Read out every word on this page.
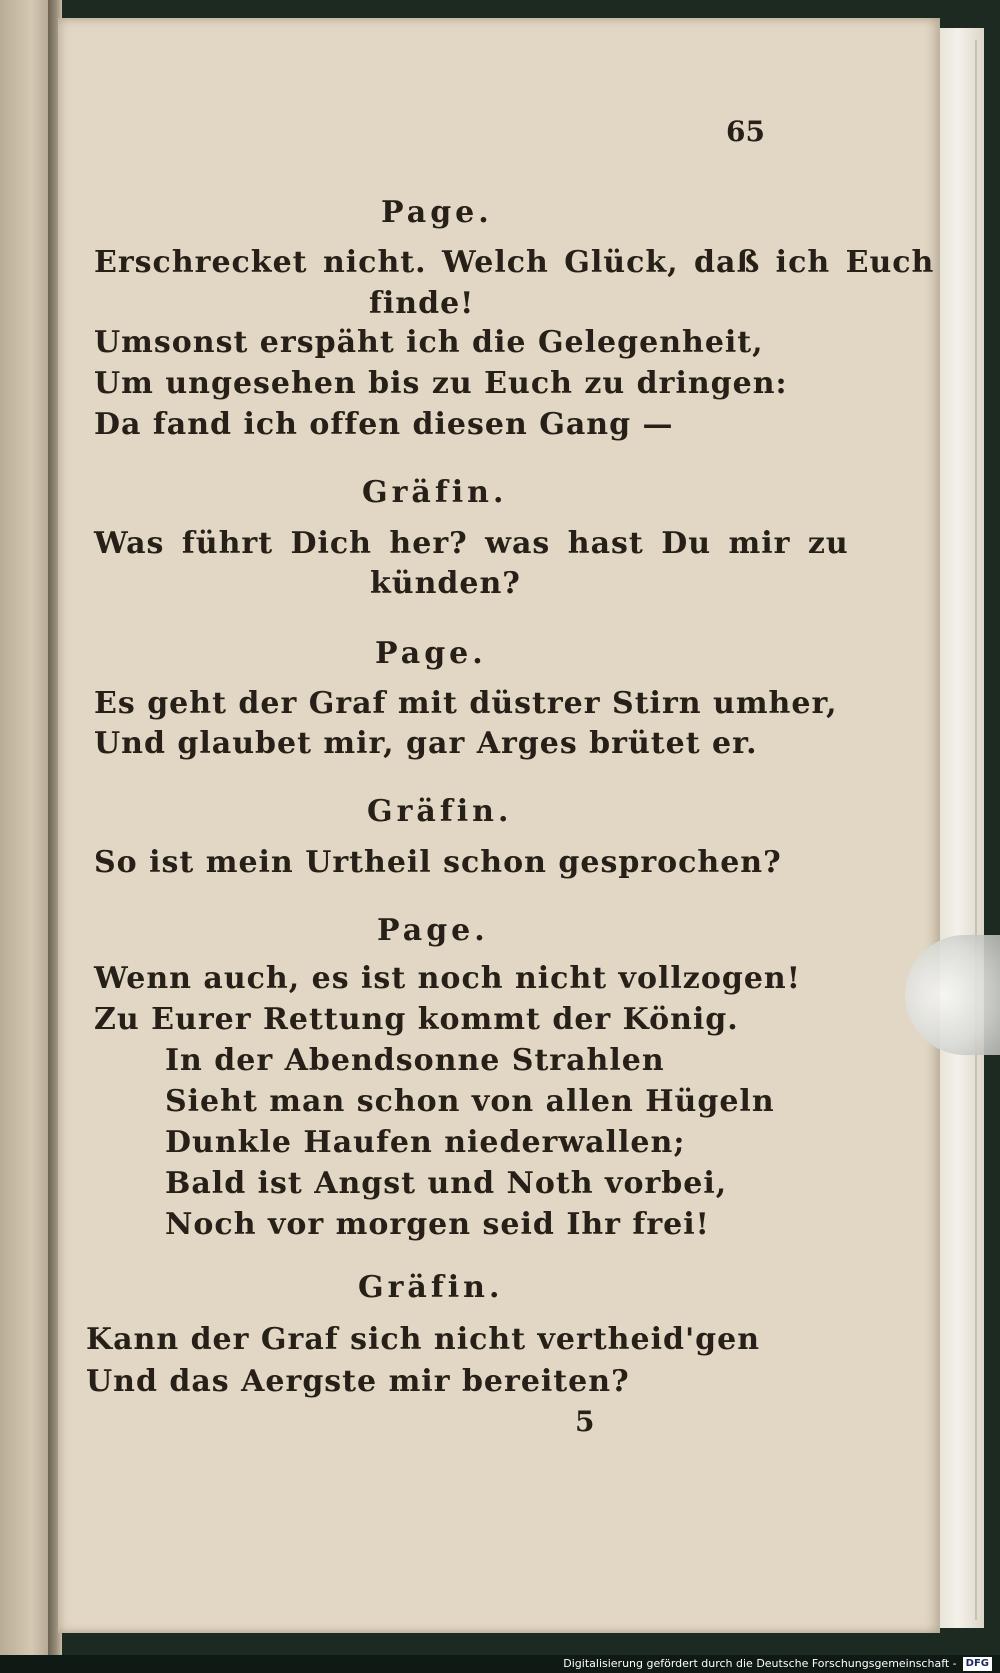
65
Page.
Erschrecket nicht. Welch Glück, daß ich Euch
finde!
Umsonst erspäht ich die Gelegenheit,
Um ungesehen bis zu Euch zu dringen:
Da fand ich offen diesen Gang —
Gräfin.
Was führt Dich her? was hast Du mir zu
künden?
Page.
Es geht der Graf mit düstrer Stirn umher,
Und glaubet mir, gar Arges brütet er.
Gräfin.
So ist mein Urtheil schon gesprochen?
Page.
Wenn auch, es ist noch nicht vollzogen!
Zu Eurer Rettung kommt der König.
In der Abendsonne Strahlen
Sieht man schon von allen Hügeln
Dunkle Haufen niederwallen;
Bald ist Angst und Noth vorbei,
Noch vor morgen seid Ihr frei!
Gräfin.
Kann der Graf sich nicht vertheid'gen
Und das Aergste mir bereiten?
5
Digitalisierung gefördert durch die Deutsche Forschungsgemeinschaft - DFG
